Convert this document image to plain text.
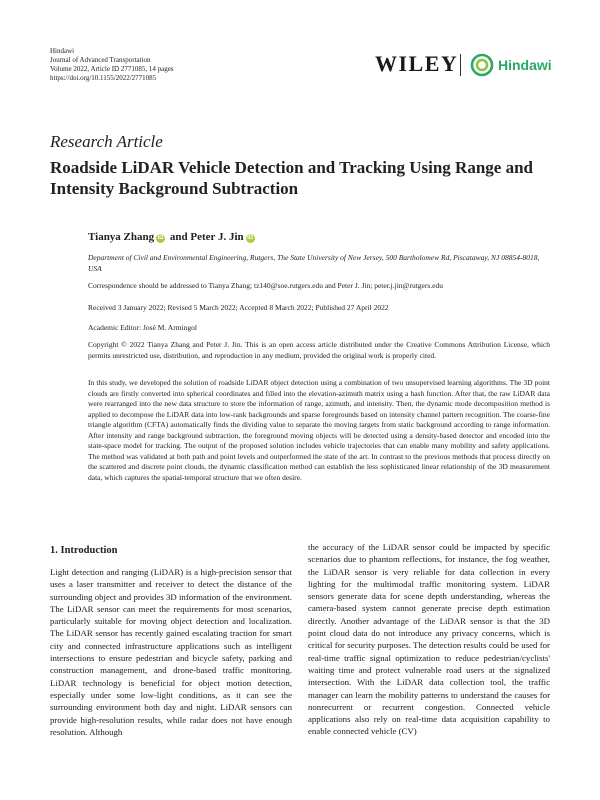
Hindawi
Journal of Advanced Transportation
Volume 2022, Article ID 2771085, 14 pages
https://doi.org/10.1155/2022/2771085
WILEY	Hindawi
Research Article
Roadside LiDAR Vehicle Detection and Tracking Using Range and Intensity Background Subtraction
Tianya Zhang iD and Peter J. Jin iD
Department of Civil and Environmental Engineering, Rutgers, The State University of New Jersey, 500 Bartholomew Rd, Piscataway, NJ 08854-8018, USA
Correspondence should be addressed to Tianya Zhang; tz140@soe.rutgers.edu and Peter J. Jin; peter.j.jin@rutgers.edu
Received 3 January 2022; Revised 5 March 2022; Accepted 8 March 2022; Published 27 April 2022
Academic Editor: José M. Armingol
Copyright © 2022 Tianya Zhang and Peter J. Jin. This is an open access article distributed under the Creative Commons Attribution License, which permits unrestricted use, distribution, and reproduction in any medium, provided the original work is properly cited.
In this study, we developed the solution of roadside LiDAR object detection using a combination of two unsupervised learning algorithms. The 3D point clouds are firstly converted into spherical coordinates and filled into the elevation-azimuth matrix using a hash function. After that, the raw LiDAR data were rearranged into the new data structure to store the information of range, azimuth, and intensity. Then, the dynamic mode decomposition method is applied to decompose the LiDAR data into low-rank backgrounds and sparse foregrounds based on intensity channel pattern recognition. The coarse-fine triangle algorithm (CFTA) automatically finds the dividing value to separate the moving targets from static background according to range information. After intensity and range background subtraction, the foreground moving objects will be detected using a density-based detector and encoded into the state-space model for tracking. The output of the proposed solution includes vehicle trajectories that can enable many mobility and safety applications. The method was validated at both path and point levels and outperformed the state of the art. In contrast to the previous methods that process directly on the scattered and discrete point clouds, the dynamic classification method can establish the less sophisticated linear relationship of the 3D measurement data, which captures the spatial-temporal structure that we often desire.
1. Introduction
Light detection and ranging (LiDAR) is a high-precision sensor that uses a laser transmitter and receiver to detect the distance of the surrounding object and provides 3D information of the environment. The LiDAR sensor can meet the requirements for most scenarios, particularly suitable for moving object detection and localization. The LiDAR sensor has recently gained escalating traction for smart city and connected infrastructure applications such as intelligent intersections to ensure pedestrian and bicycle safety, parking and construction management, and drone-based traffic monitoring. LiDAR technology is beneficial for object motion detection, especially under some low-light conditions, as it can see the surrounding environment both day and night. LiDAR sensors can provide high-resolution results, while radar does not have enough resolution. Although
the accuracy of the LiDAR sensor could be impacted by specific scenarios due to phantom reflections, for instance, the fog weather, the LiDAR sensor is very reliable for data collection in every lighting for the multimodal traffic monitoring system. LiDAR sensors generate data for scene depth understanding, whereas the camera-based system cannot generate precise depth estimation directly. Another advantage of the LiDAR sensor is that the 3D point cloud data do not introduce any privacy concerns, which is critical for security purposes. The detection results could be used for real-time traffic signal optimization to reduce pedestrian/cyclists' waiting time and protect vulnerable road users at the signalized intersection. With the LiDAR data collection tool, the traffic manager can learn the mobility patterns to understand the causes for nonrecurrent or recurrent congestion. Connected vehicle applications also rely on real-time data acquisition capability to enable connected vehicle (CV)
